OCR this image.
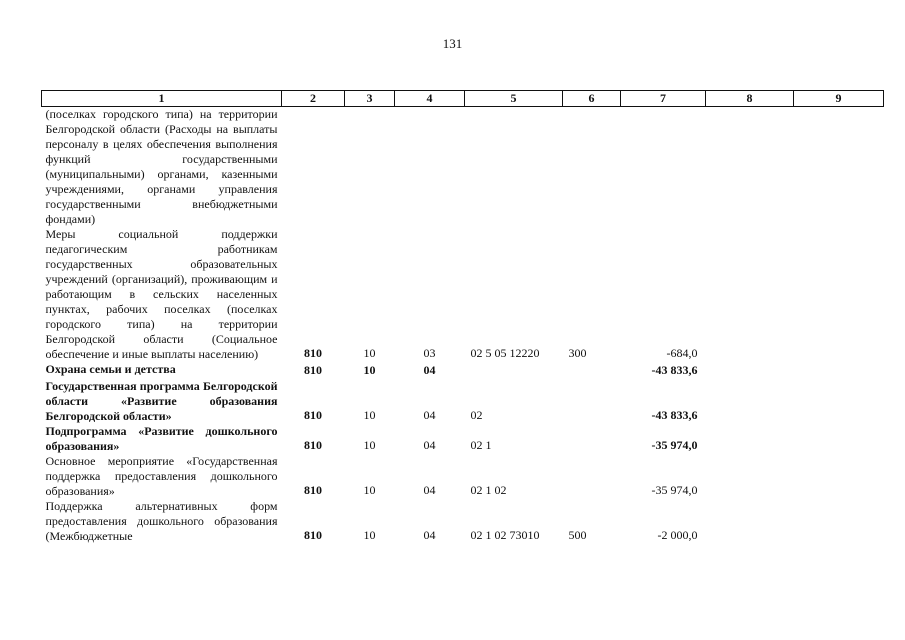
131
1	2	3	4	5	6	7	8	9
(поселках городского типа) на территории Белгородской области (Расходы на выплаты персоналу в целях обеспечения выполнения функций государственными (муниципальными) органами, казенными учреждениями, органами управления государственными внебюджетными фондами)								
Меры социальной поддержки педагогическим работникам государственных образовательных учреждений (организаций), проживающим и работающим в сельских населенных пунктах, рабочих поселках (поселках городского типа) на территории Белгородской области (Социальное обеспечение и иные выплаты населению)	810	10	03	02 5 05 12220	300	-684,0		
Охрана семьи и детства	810	10	04			-43 833,6		
Государственная программа Белгородской области «Развитие образования Белгородской области»	810	10	04	02		-43 833,6		
Подпрограмма «Развитие дошкольного образования»	810	10	04	02 1		-35 974,0		
Основное мероприятие «Государственная поддержка предоставления дошкольного образования»	810	10	04	02 1 02		-35 974,0		
Поддержка альтернативных форм предоставления дошкольного образования (Межбюджетные	810	10	04	02 1 02 73010	500	-2 000,0		
